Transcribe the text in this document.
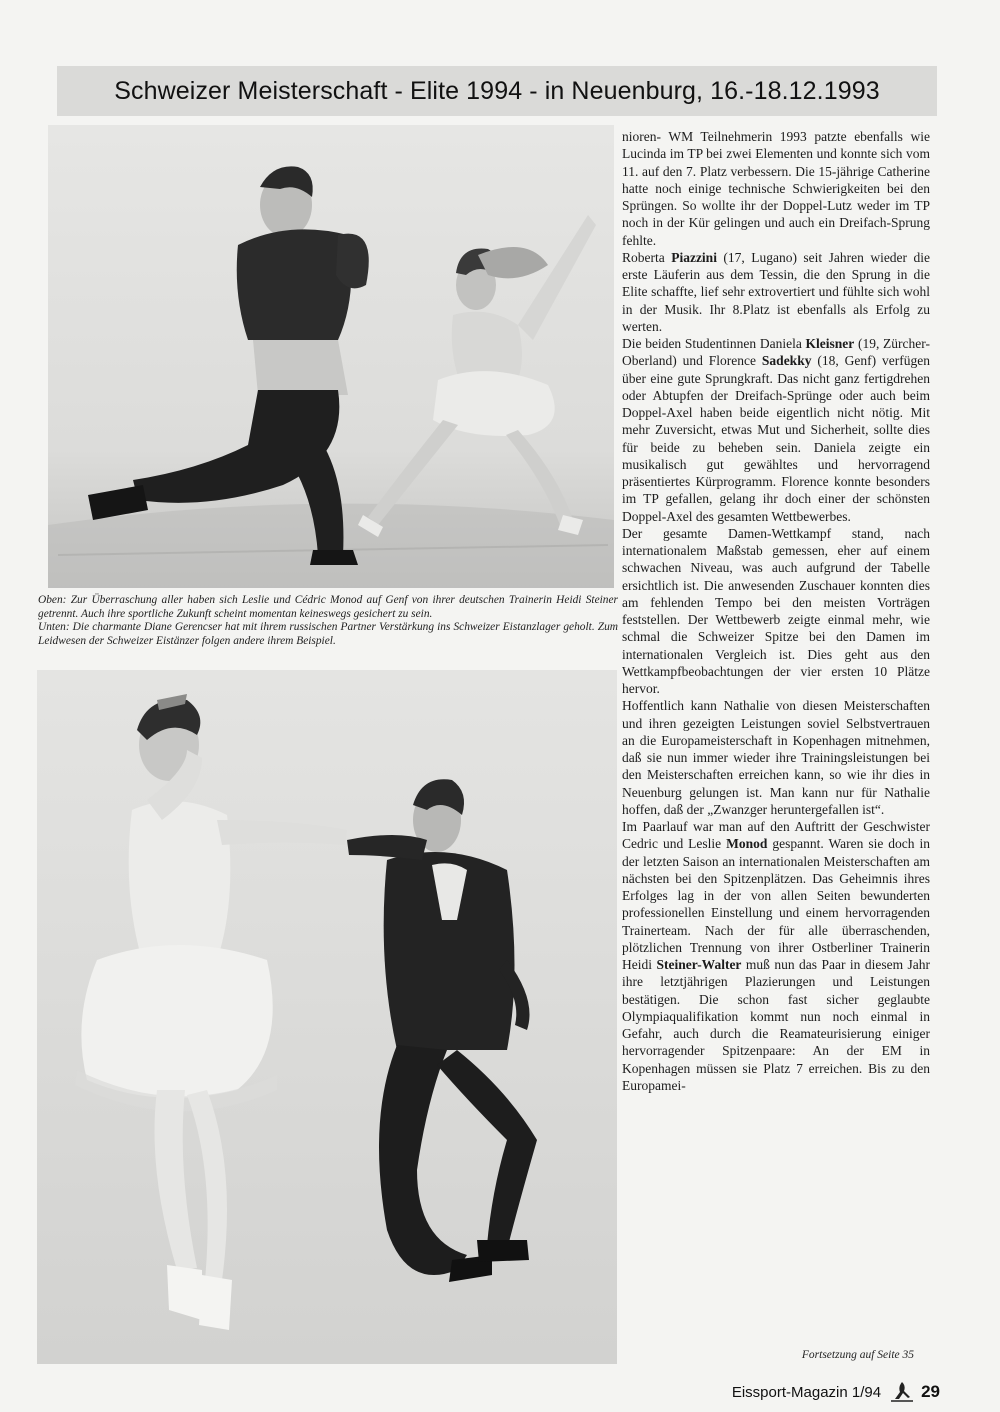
Schweizer Meisterschaft - Elite 1994 - in Neuenburg, 16.-18.12.1993

Oben: Zur Überraschung aller haben sich Leslie und Cédric Monod auf Genf von ihrer deutschen Trainerin Heidi Steiner getrennt. Auch ihre sportliche Zukunft scheint momentan keineswegs gesichert zu sein.

Unten: Die charmante Diane Gerencser hat mit ihrem russischen Partner Verstärkung ins Schweizer Eistanzlager geholt. Zum Leidwesen der Schweizer Eistänzer folgen andere ihrem Beispiel.

nioren- WM Teilnehmerin 1993 patzte ebenfalls wie Lucinda im TP bei zwei Elementen und konnte sich vom 11. auf den 7. Platz verbessern. Die 15-jährige Catherine hatte noch einige technische Schwierigkeiten bei den Sprüngen. So wollte ihr der Doppel-Lutz weder im TP noch in der Kür gelingen und auch ein Dreifach-Sprung fehlte.

Roberta Piazzini (17, Lugano) seit Jahren wieder die erste Läuferin aus dem Tessin, die den Sprung in die Elite schaffte, lief sehr extrovertiert und fühlte sich wohl in der Musik. Ihr 8.Platz ist ebenfalls als Erfolg zu werten.

Die beiden Studentinnen Daniela Kleisner (19, Zürcher-Oberland) und Florence Sadekky (18, Genf) verfügen über eine gute Sprungkraft. Das nicht ganz fertigdrehen oder Abtupfen der Dreifach-Sprünge oder auch beim Doppel-Axel haben beide eigentlich nicht nötig. Mit mehr Zuversicht, etwas Mut und Sicherheit, sollte dies für beide zu beheben sein. Daniela zeigte ein musikalisch gut gewähltes und hervorragend präsentiertes Kürprogramm. Florence konnte besonders im TP gefallen, gelang ihr doch einer der schönsten Doppel-Axel des gesamten Wettbewerbes.

Der gesamte Damen-Wettkampf stand, nach internationalem Maßstab gemessen, eher auf einem schwachen Niveau, was auch aufgrund der Tabelle ersichtlich ist. Die anwesenden Zuschauer konnten dies am fehlenden Tempo bei den meisten Vorträgen feststellen. Der Wettbewerb zeigte einmal mehr, wie schmal die Schweizer Spitze bei den Damen im internationalen Vergleich ist. Dies geht aus den Wettkampfbeobachtungen der vier ersten 10 Plätze hervor.

Hoffentlich kann Nathalie von diesen Meisterschaften und ihren gezeigten Leistungen soviel Selbstvertrauen an die Europameisterschaft in Kopenhagen mitnehmen, daß sie nun immer wieder ihre Trainingsleistungen bei den Meisterschaften erreichen kann, so wie ihr dies in Neuenburg gelungen ist. Man kann nur für Nathalie hoffen, daß der „Zwanzger heruntergefallen ist“.

Im Paarlauf war man auf den Auftritt der Geschwister Cedric und Leslie Monod gespannt. Waren sie doch in der letzten Saison an internationalen Meisterschaften am nächsten bei den Spitzenplätzen. Das Geheimnis ihres Erfolges lag in der von allen Seiten bewunderten professionellen Einstellung und einem hervorragenden Trainerteam. Nach der für alle überraschenden, plötzlichen Trennung von ihrer Ostberliner Trainerin Heidi Steiner-Walter muß nun das Paar in diesem Jahr ihre letztjährigen Plazierungen und Leistungen bestätigen. Die schon fast sicher geglaubte Olympiaqualifikation kommt nun noch einmal in Gefahr, auch durch die Reamateurisierung einiger hervorragender Spitzenpaare: An der EM in Kopenhagen müssen sie Platz 7 erreichen. Bis zu den Europamei-

Fortsetzung auf Seite 35
Eissport-Magazin 1/94 29
